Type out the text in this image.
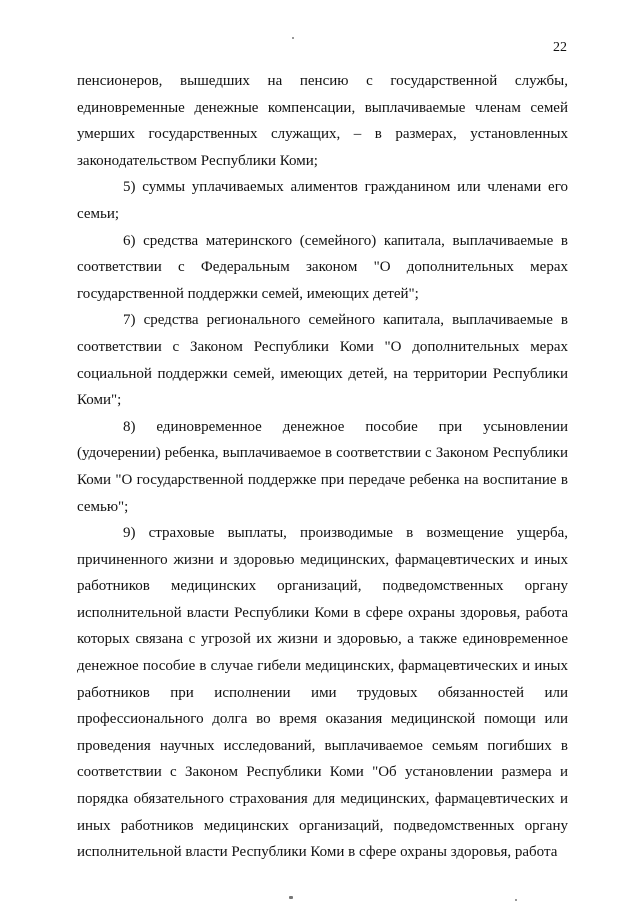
22

пенсионеров, вышедших на пенсию с государственной службы, единовременные денежные компенсации, выплачиваемые членам семей умерших государственных служащих, – в размерах, установленных законодательством Республики Коми;

5) суммы уплачиваемых алиментов гражданином или членами его семьи;

6) средства материнского (семейного) капитала, выплачиваемые в соответствии с Федеральным законом "О дополнительных мерах государственной поддержки семей, имеющих детей";

7) средства регионального семейного капитала, выплачиваемые в соответствии с Законом Республики Коми "О дополнительных мерах социальной поддержки семей, имеющих детей, на территории Республики Коми";

8) единовременное денежное пособие при усыновлении (удочерении) ребенка, выплачиваемое в соответствии с Законом Республики Коми "О государственной поддержке при передаче ребенка на воспитание в семью";

9) страховые выплаты, производимые в возмещение ущерба, причиненного жизни и здоровью медицинских, фармацевтических и иных работников медицинских организаций, подведомственных органу исполнительной власти Республики Коми в сфере охраны здоровья, работа которых связана с угрозой их жизни и здоровью, а также единовременное денежное пособие в случае гибели медицинских, фармацевтических и иных работников при исполнении ими трудовых обязанностей или профессионального долга во время оказания медицинской помощи или проведения научных исследований, выплачиваемое семьям погибших в соответствии с Законом Республики Коми "Об установлении размера и порядка обязательного страхования для медицинских, фармацевтических и иных работников медицинских организаций, подведомственных органу исполнительной власти Республики Коми в сфере охраны здоровья, работа
